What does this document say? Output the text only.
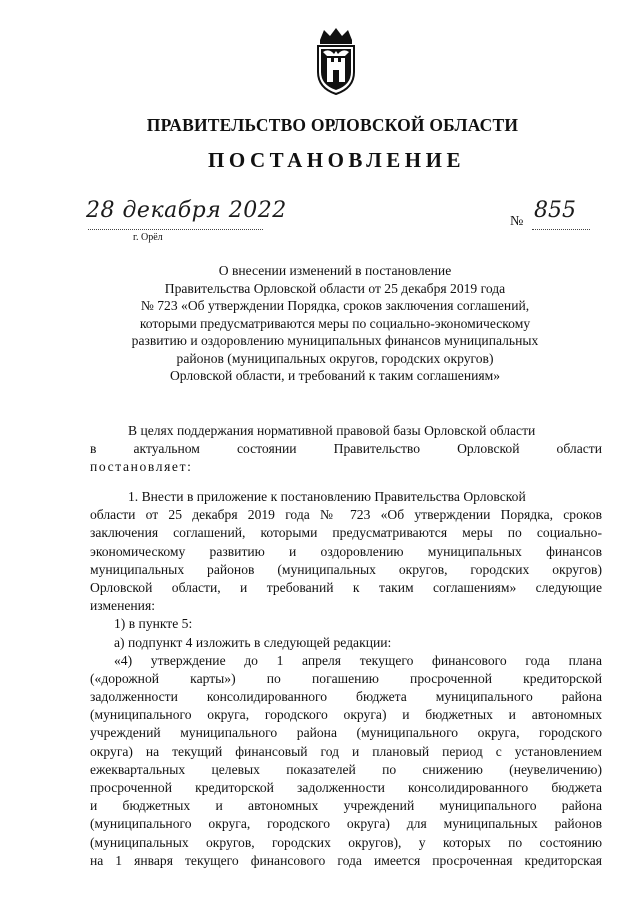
ПРАВИТЕЛЬСТВО ОРЛОВСКОЙ ОБЛАСТИ
ПОСТАНОВЛЕНИЕ
28 декабря 2022
г. Орёл
№ 855
О внесении изменений в постановление
Правительства Орловской области от 25 декабря 2019 года
№ 723 «Об утверждении Порядка, сроков заключения соглашений,
которыми предусматриваются меры по социально-экономическому
развитию и оздоровлению муниципальных финансов муниципальных
районов (муниципальных округов, городских округов)
Орловской области, и требований к таким соглашениям»
В целях поддержания нормативной правовой базы Орловской области
в актуальном состоянии Правительство Орловской области
постановляет:
1. Внести в приложение к постановлению Правительства Орловской
области от 25 декабря 2019 года № 723 «Об утверждении Порядка, сроков
заключения соглашений, которыми предусматриваются меры по социально-
экономическому развитию и оздоровлению муниципальных финансов
муниципальных районов (муниципальных округов, городских округов)
Орловской области, и требований к таким соглашениям» следующие
изменения:
1) в пункте 5:
а) подпункт 4 изложить в следующей редакции:
«4) утверждение до 1 апреля текущего финансового года плана
(«дорожной карты») по погашению просроченной кредиторской
задолженности консолидированного бюджета муниципального района
(муниципального округа, городского округа) и бюджетных и автономных
учреждений муниципального района (муниципального округа, городского
округа) на текущий финансовый год и плановый период с установлением
ежеквартальных целевых показателей по снижению (неувеличению)
просроченной кредиторской задолженности консолидированного бюджета
и бюджетных и автономных учреждений муниципального района
(муниципального округа, городского округа) для муниципальных районов
(муниципальных округов, городских округов), у которых по состоянию
на 1 января текущего финансового года имеется просроченная кредиторская
